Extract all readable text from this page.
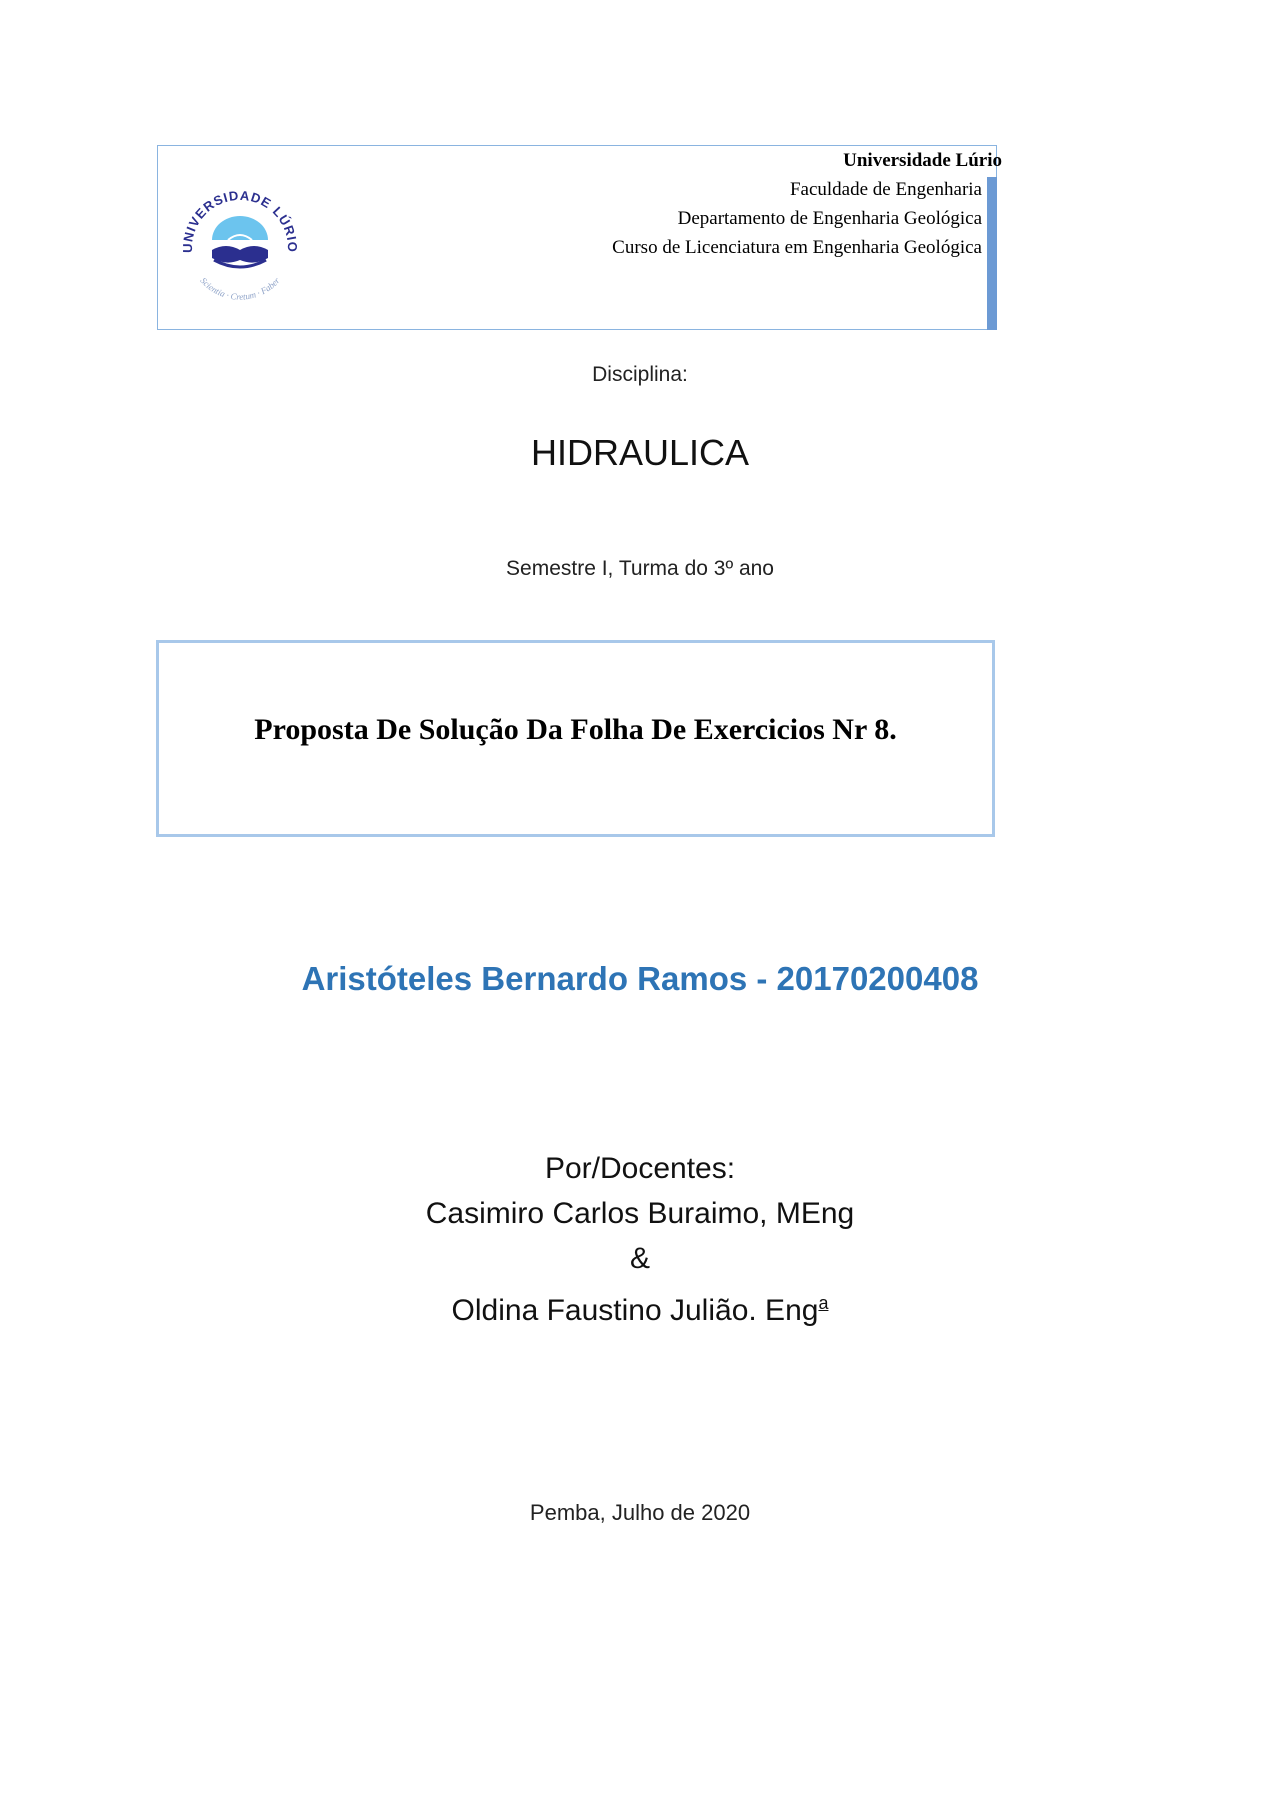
UNIVERSIDADE LÚRIO
Scientia · Cretum · Faber
Universidade Lúrio
Faculdade de Engenharia
Departamento de Engenharia Geológica
Curso de Licenciatura em Engenharia Geológica
Disciplina:
HIDRAULICA
Semestre I, Turma do 3º ano
Proposta De Solução Da Folha De Exercicios Nr 8.
Aristóteles Bernardo Ramos - 20170200408
Por/Docentes:
Casimiro Carlos Buraimo, MEng
&
Oldina Faustino Julião. Eng$^a$
Pemba, Julho de 2020
